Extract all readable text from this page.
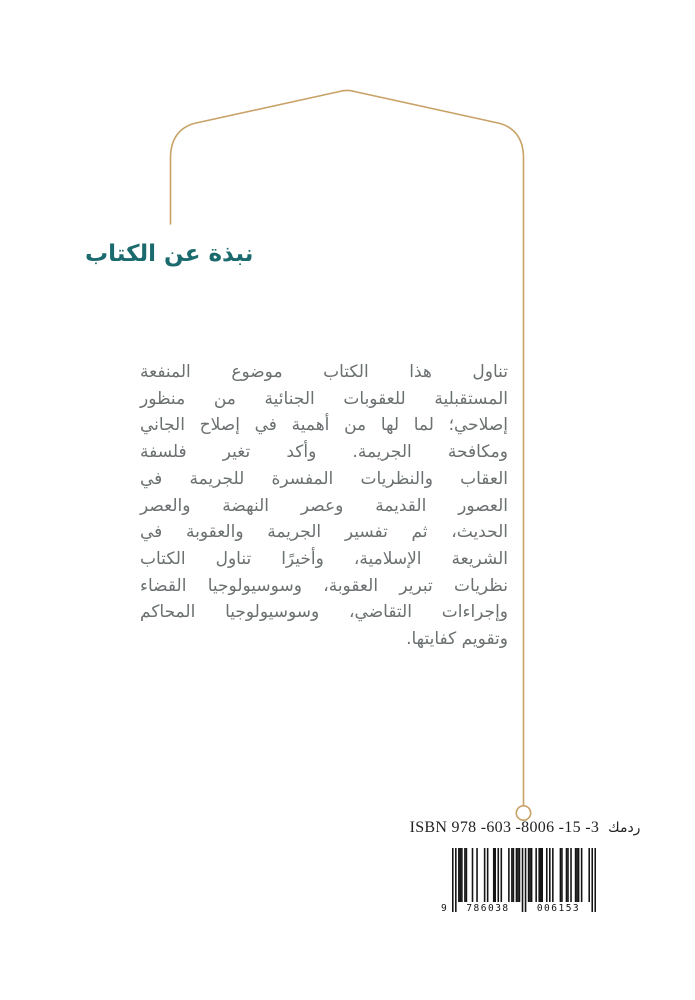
نبذة عن الكتاب
تناول هذا الكتاب موضوع المنفعة
المستقبلية للعقوبات الجنائية من منظور
إصلاحي؛ لما لها من أهمية في إصلاح الجاني
ومكافحة الجريمة. وأكد تغير فلسفة
العقاب والنظريات المفسرة للجريمة في
العصور القديمة وعصر النهضة والعصر
الحديث، ثم تفسير الجريمة والعقوبة في
الشريعة الإسلامية، وأخيرًا تناول الكتاب
نظريات تبرير العقوبة، وسوسيولوجيا القضاء
وإجراءات التقاضي، وسوسيولوجيا المحاكم
وتقويم كفايتها.
ISBN 978 -603 -8006 -15 -3 ردمك
9	786038	006153
